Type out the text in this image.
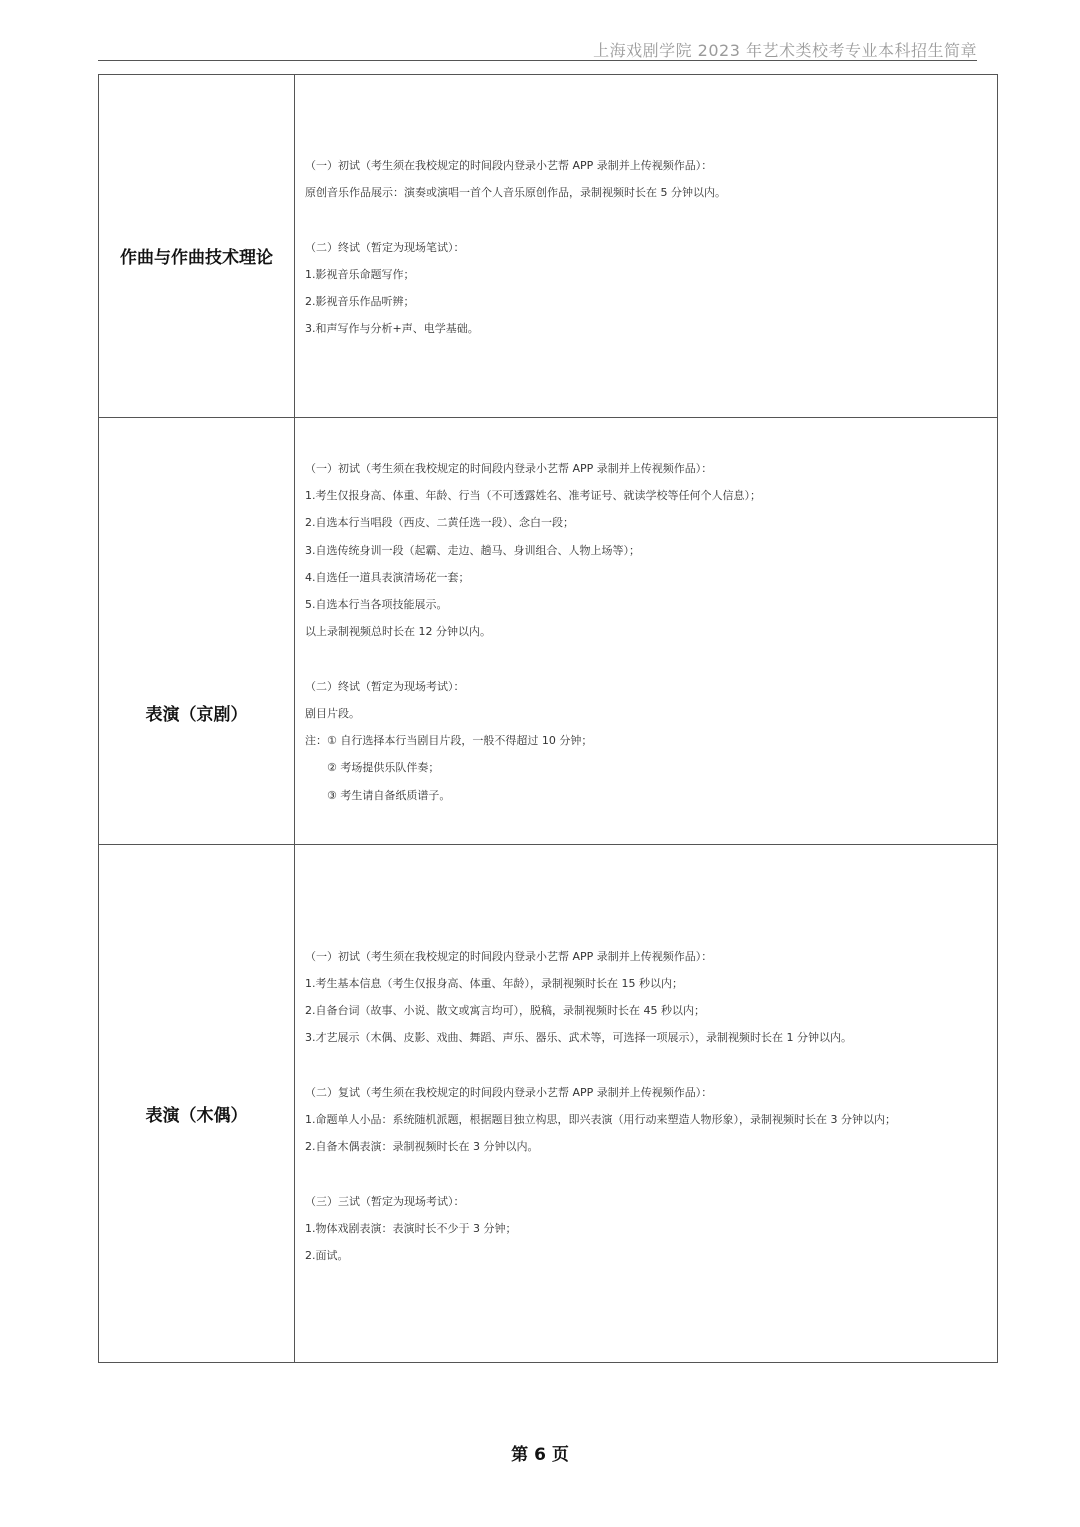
上海戏剧学院 2023 年艺术类校考专业本科招生简章
作曲与作曲技术理论
（一）初试（考生须在我校规定的时间段内登录小艺帮 APP 录制并上传视频作品）：
原创音乐作品展示：演奏或演唱一首个人音乐原创作品，录制视频时长在 5 分钟以内。
（二）终试（暂定为现场笔试）：
1.影视音乐命题写作；
2.影视音乐作品听辨；
3.和声写作与分析+声、电学基础。
表演（京剧）
（一）初试（考生须在我校规定的时间段内登录小艺帮 APP 录制并上传视频作品）：
1.考生仅报身高、体重、年龄、行当（不可透露姓名、准考证号、就读学校等任何个人信息）；
2.自选本行当唱段（西皮、二黄任选一段）、念白一段；
3.自选传统身训一段（起霸、走边、趟马、身训组合、人物上场等）；
4.自选任一道具表演清场花一套；
5.自选本行当各项技能展示。
以上录制视频总时长在 12 分钟以内。
（二）终试（暂定为现场考试）：
剧目片段。
注：① 自行选择本行当剧目片段，一般不得超过 10 分钟；
② 考场提供乐队伴奏；
③ 考生请自备纸质谱子。
表演（木偶）
（一）初试（考生须在我校规定的时间段内登录小艺帮 APP 录制并上传视频作品）：
1.考生基本信息（考生仅报身高、体重、年龄），录制视频时长在 15 秒以内；
2.自备台词（故事、小说、散文或寓言均可），脱稿，录制视频时长在 45 秒以内；
3.才艺展示（木偶、皮影、戏曲、舞蹈、声乐、器乐、武术等，可选择一项展示），录制视频时长在 1 分钟以内。
（二）复试（考生须在我校规定的时间段内登录小艺帮 APP 录制并上传视频作品）：
1.命题单人小品：系统随机派题，根据题目独立构思，即兴表演（用行动来塑造人物形象），录制视频时长在 3 分钟以内；
2.自备木偶表演：录制视频时长在 3 分钟以内。
（三）三试（暂定为现场考试）：
1.物体戏剧表演：表演时长不少于 3 分钟；
2.面试。
第 6 页
